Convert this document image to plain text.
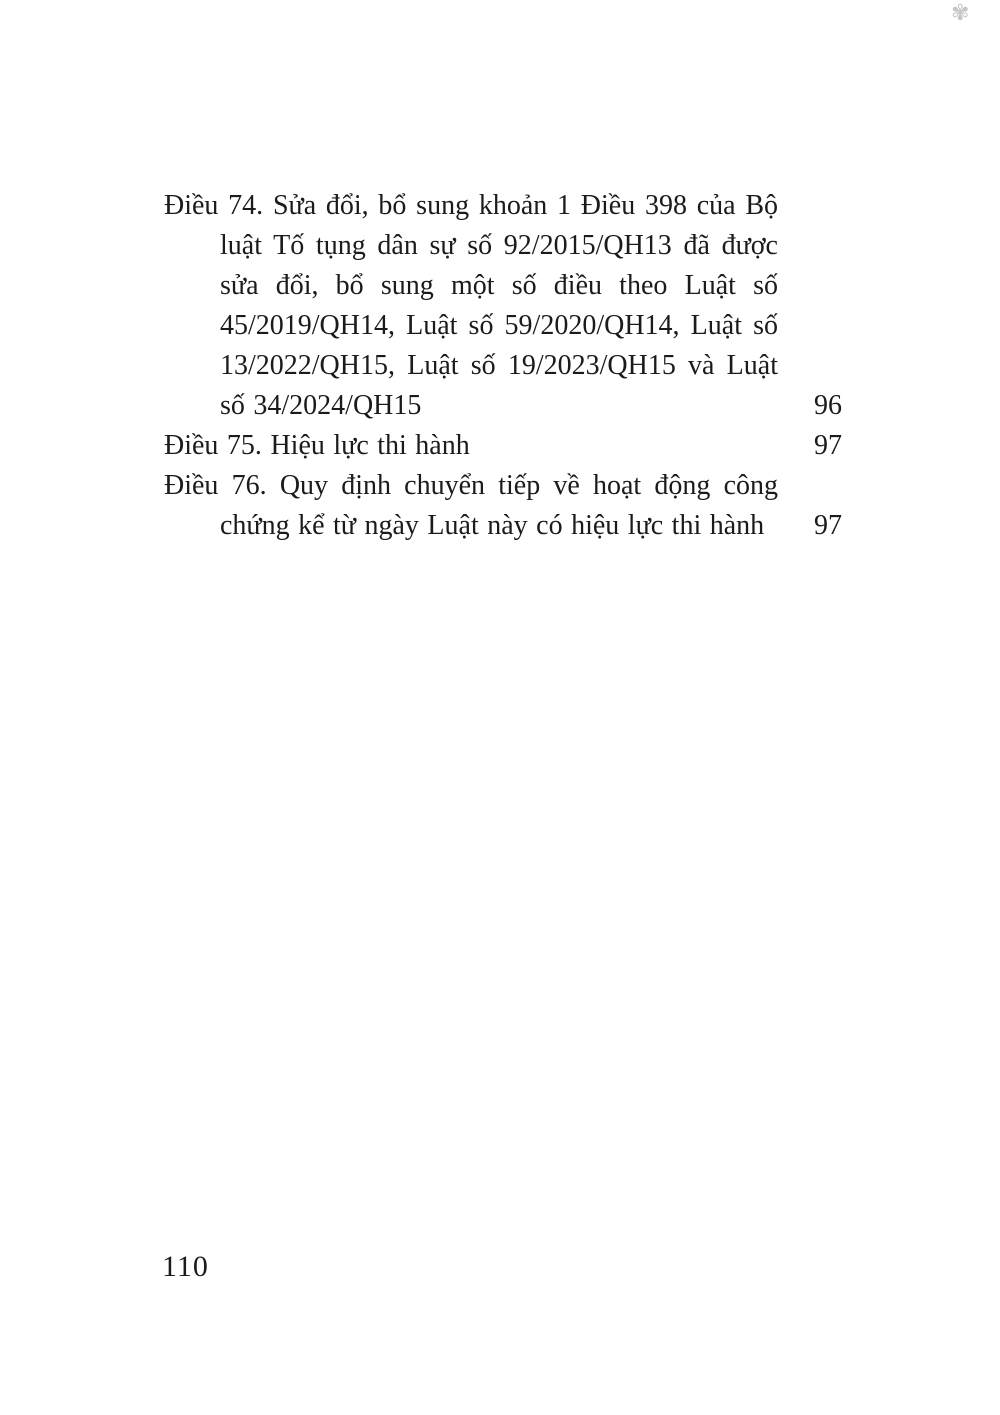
✾

Điều 74. Sửa đổi, bổ sung khoản 1 Điều 398 của Bộ luật Tố tụng dân sự số 92/2015/QH13 đã được sửa đổi, bổ sung một số điều theo Luật số 45/2019/QH14, Luật số 59/2020/QH14, Luật số 13/2022/QH15, Luật số 19/2023/QH15 và Luật số 34/2024/QH15	96

Điều 75. Hiệu lực thi hành	97

Điều 76. Quy định chuyển tiếp về hoạt động công chứng kể từ ngày Luật này có hiệu lực thi hành	97
110
